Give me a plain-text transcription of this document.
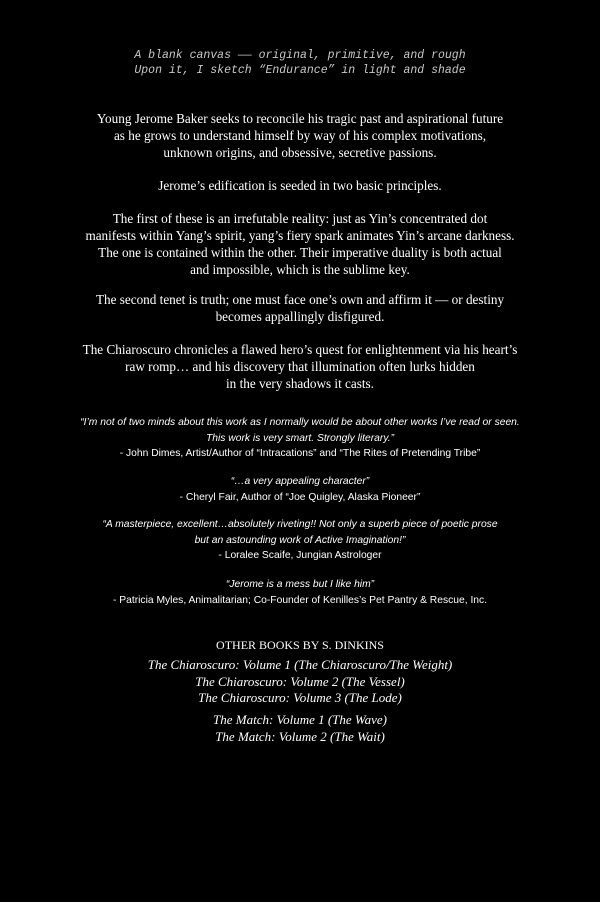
A blank canvas —— original, primitive, and rough
Upon it, I sketch “Endurance” in light and shade
Young Jerome Baker seeks to reconcile his tragic past and aspirational future
as he grows to understand himself by way of his complex motivations,
unknown origins, and obsessive, secretive passions.
Jerome’s edification is seeded in two basic principles.
The first of these is an irrefutable reality: just as Yin’s concentrated dot
manifests within Yang’s spirit, yang’s fiery spark animates Yin’s arcane darkness.
The one is contained within the other. Their imperative duality is both actual
and impossible, which is the sublime key.
The second tenet is truth; one must face one’s own and affirm it — or destiny
becomes appallingly disfigured.
The Chiaroscuro chronicles a flawed hero’s quest for enlightenment via his heart’s
raw romp… and his discovery that illumination often lurks hidden
in the very shadows it casts.
“I’m not of two minds about this work as I normally would be about other works I’ve read or seen.
This work is very smart. Strongly literary.”
- John Dimes, Artist/Author of “Intracations” and “The Rites of Pretending Tribe”
“…a very appealing character”
- Cheryl Fair, Author of “Joe Quigley, Alaska Pioneer”
“A masterpiece, excellent…absolutely riveting!! Not only a superb piece of poetic prose
but an astounding work of Active Imagination!”
- Loralee Scaife, Jungian Astrologer
“Jerome is a mess but I like him”
- Patricia Myles, Animalitarian; Co-Founder of Kenilles’s Pet Pantry & Rescue, Inc.
OTHER BOOKS BY S. DINKINS
The Chiaroscuro: Volume 1 (The Chiaroscuro/The Weight)
The Chiaroscuro: Volume 2 (The Vessel)
The Chiaroscuro: Volume 3 (The Lode)
The Match: Volume 1 (The Wave)
The Match: Volume 2 (The Wait)
